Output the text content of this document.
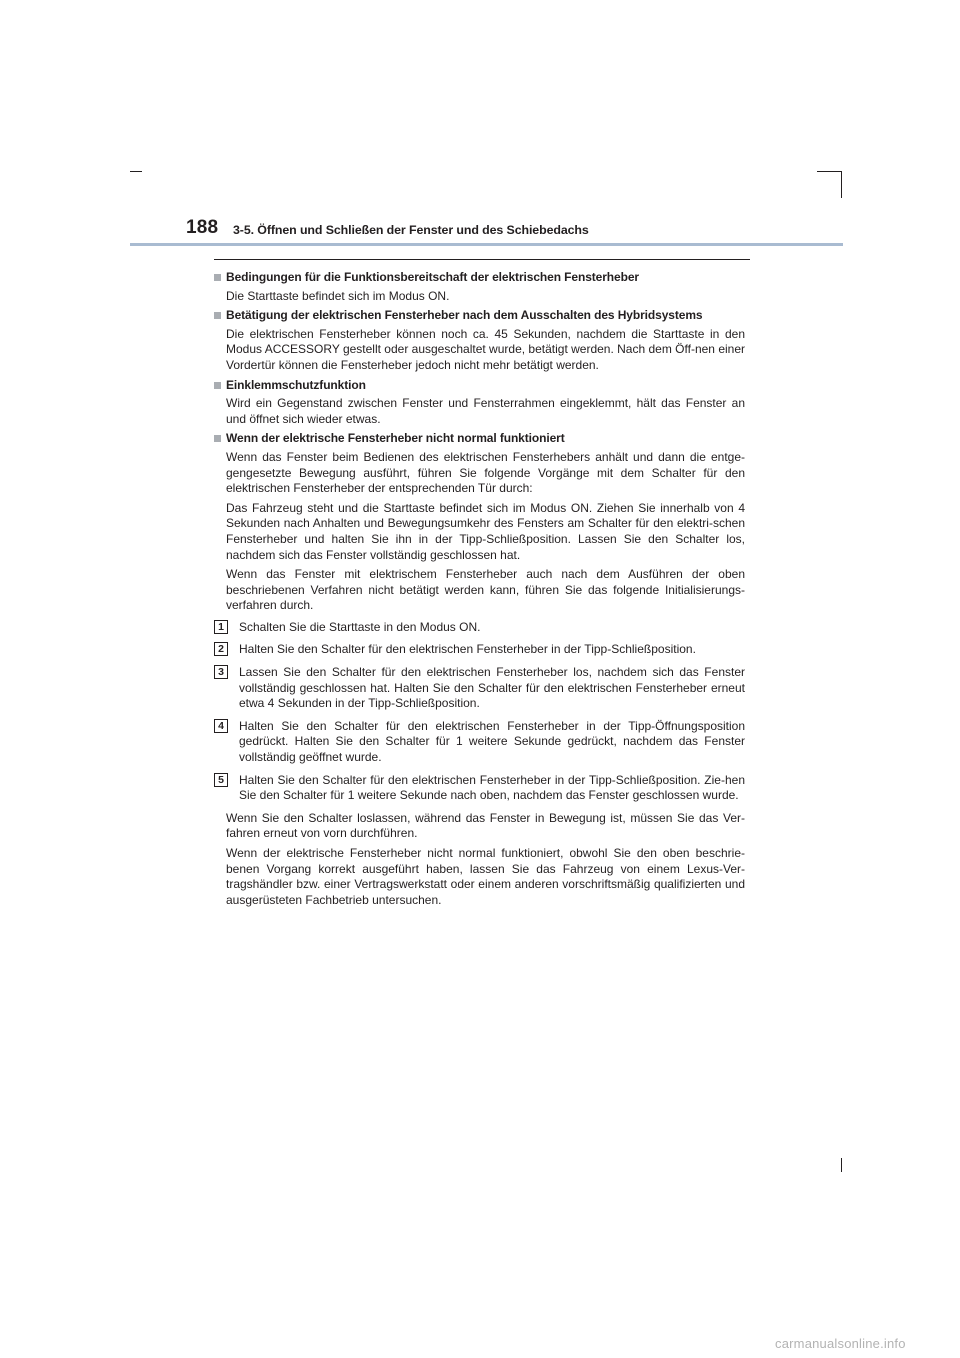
188 3-5. Öffnen und Schließen der Fenster und des Schiebedachs
Bedingungen für die Funktionsbereitschaft der elektrischen Fensterheber

Die Starttaste befindet sich im Modus ON.

Betätigung der elektrischen Fensterheber nach dem Ausschalten des Hybridsystems

Die elektrischen Fensterheber können noch ca. 45 Sekunden, nachdem die Starttaste in den Modus ACCESSORY gestellt oder ausgeschaltet wurde, betätigt werden. Nach dem Öff-nen einer Vordertür können die Fensterheber jedoch nicht mehr betätigt werden.

Einklemmschutzfunktion

Wird ein Gegenstand zwischen Fenster und Fensterrahmen eingeklemmt, hält das Fenster an und öffnet sich wieder etwas.

Wenn der elektrische Fensterheber nicht normal funktioniert

Wenn das Fenster beim Bedienen des elektrischen Fensterhebers anhält und dann die entge-gengesetzte Bewegung ausführt, führen Sie folgende Vorgänge mit dem Schalter für den elektrischen Fensterheber der entsprechenden Tür durch:

Das Fahrzeug steht und die Starttaste befindet sich im Modus ON. Ziehen Sie innerhalb von 4 Sekunden nach Anhalten und Bewegungsumkehr des Fensters am Schalter für den elektri-schen Fensterheber und halten Sie ihn in der Tipp-Schließposition. Lassen Sie den Schalter los, nachdem sich das Fenster vollständig geschlossen hat.

Wenn das Fenster mit elektrischem Fensterheber auch nach dem Ausführen der oben beschriebenen Verfahren nicht betätigt werden kann, führen Sie das folgende Initialisierungs-verfahren durch.

1	Schalten Sie die Starttaste in den Modus ON.
2	Halten Sie den Schalter für den elektrischen Fensterheber in der Tipp-Schließposition.
3	Lassen Sie den Schalter für den elektrischen Fensterheber los, nachdem sich das Fenster vollständig geschlossen hat. Halten Sie den Schalter für den elektrischen Fensterheber erneut etwa 4 Sekunden in der Tipp-Schließposition.
4	Halten Sie den Schalter für den elektrischen Fensterheber in der Tipp-Öffnungsposition gedrückt. Halten Sie den Schalter für 1 weitere Sekunde gedrückt, nachdem das Fenster vollständig geöffnet wurde.
5	Halten Sie den Schalter für den elektrischen Fensterheber in der Tipp-Schließposition. Zie-hen Sie den Schalter für 1 weitere Sekunde nach oben, nachdem das Fenster geschlossen wurde.

Wenn Sie den Schalter loslassen, während das Fenster in Bewegung ist, müssen Sie das Ver-fahren erneut von vorn durchführen.

Wenn der elektrische Fensterheber nicht normal funktioniert, obwohl Sie den oben beschrie-benen Vorgang korrekt ausgeführt haben, lassen Sie das Fahrzeug von einem Lexus-Ver-tragshändler bzw. einer Vertragswerkstatt oder einem anderen vorschriftsmäßig qualifizierten und ausgerüsteten Fachbetrieb untersuchen.

carmanualsonline.info
